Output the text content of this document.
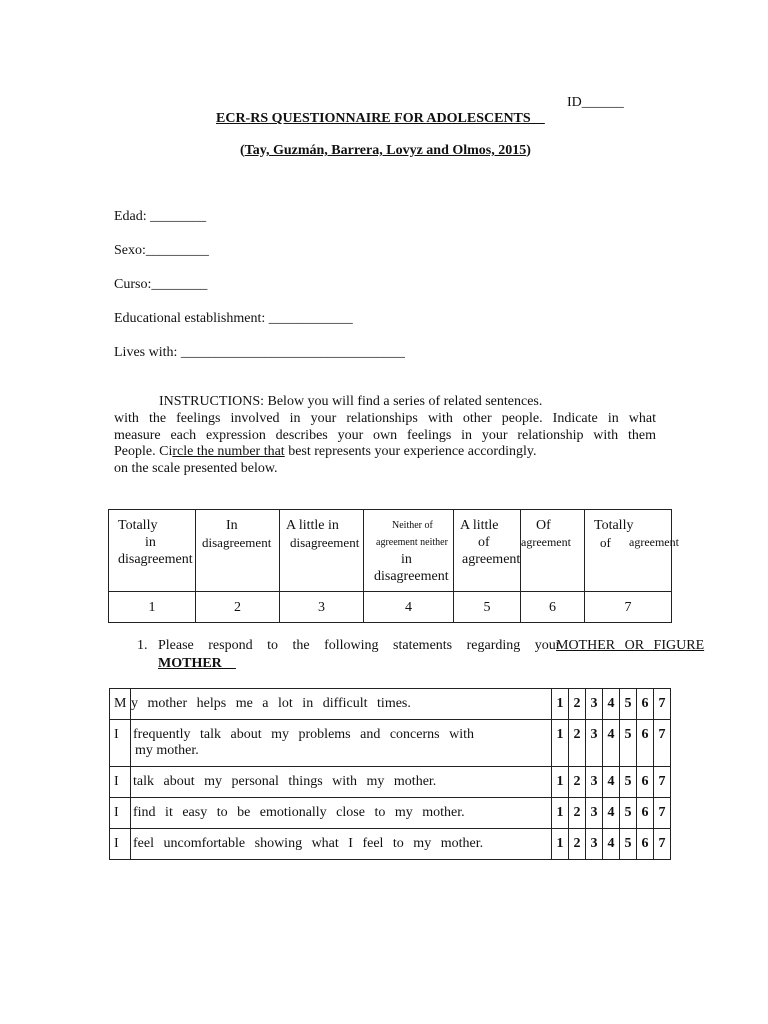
ID______
ECR-RS QUESTIONNAIRE FOR ADOLESCENTS__
(Tay, Guzmán, Barrera, Lovyz and Olmos, 2015)
Edad: ________
Sexo:_________
Curso:________
Educational establishment: ____________
Lives with: ________________________________
INSTRUCTIONS: Below you will find a series of related sentences.
with the feelings involved in your relationships with other people. Indicate in what
measure each expression describes your own feelings in your relationship with them
People. Circle the number that best represents your experience accordingly.
on the scale presented below.
Totally
in
disagreement	In
disagreement	A little in
disagreement	Neither of
agreement neither
in
disagreement	A little
of
agreement	Of
agreement	Totally
of agreement

1	2	3	4	5	6	7
1. Please respond to the following statements regarding your
MOTHER OR FIGURE
MOTHER__
M	y mother helps me a lot in difficult times.	1	2	3	4	5	6	7
I	frequently talk about my problems and concerns with
my mother.	1	2	3	4	5	6	7
I	talk about my personal things with my mother.	1	2	3	4	5	6	7
I	find it easy to be emotionally close to my mother.	1	2	3	4	5	6	7
I	feel uncomfortable showing what I feel to my mother.	1	2	3	4	5	6	7
